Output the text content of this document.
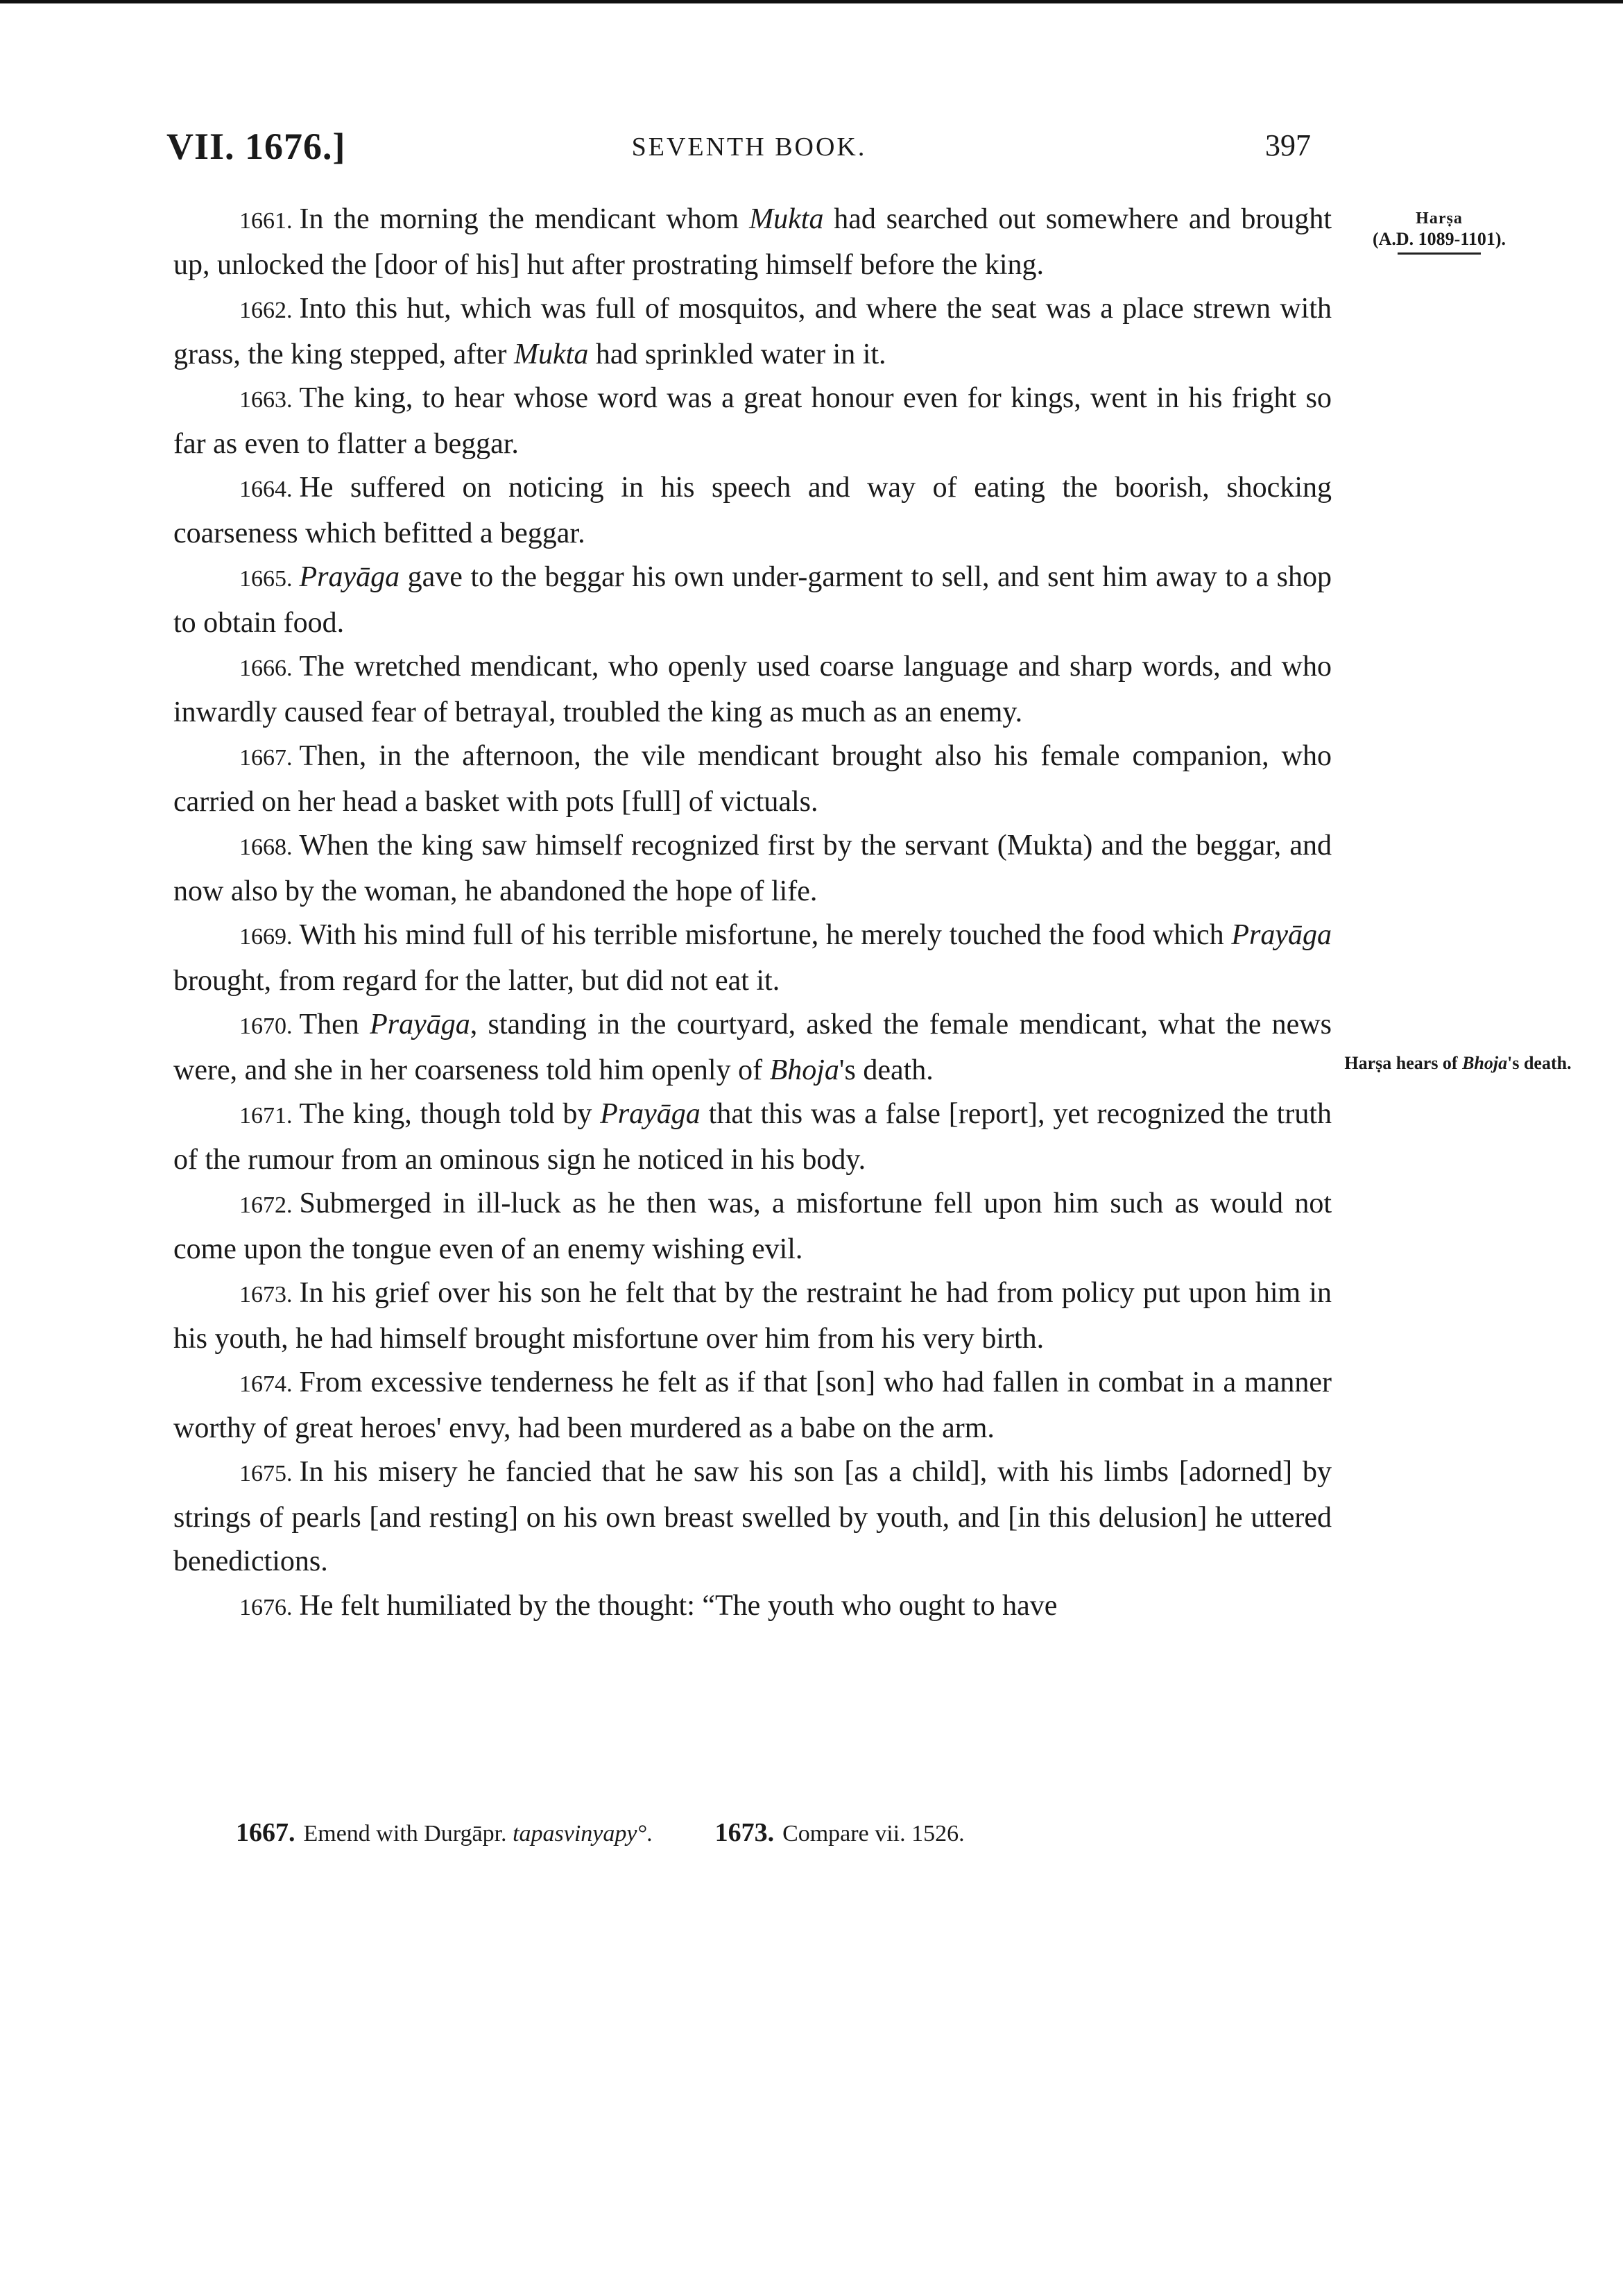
VII. 1676.]	SEVENTH BOOK.	397
Harṣa
(A.D. 1089-1101).
Harṣa hears of Bhoja's death.

1661. In the morning the mendicant whom Mukta had searched out somewhere and brought up, unlocked the [door of his] hut after prostrating himself before the king.

1662. Into this hut, which was full of mosquitos, and where the seat was a place strewn with grass, the king stepped, after Mukta had sprinkled water in it.

1663. The king, to hear whose word was a great honour even for kings, went in his fright so far as even to flatter a beggar.

1664. He suffered on noticing in his speech and way of eating the boorish, shocking coarseness which befitted a beggar.

1665. Prayāga gave to the beggar his own under-garment to sell, and sent him away to a shop to obtain food.

1666. The wretched mendicant, who openly used coarse language and sharp words, and who inwardly caused fear of betrayal, troubled the king as much as an enemy.

1667. Then, in the afternoon, the vile mendicant brought also his female companion, who carried on her head a basket with pots [full] of victuals.

1668. When the king saw himself recognized first by the servant (Mukta) and the beggar, and now also by the woman, he abandoned the hope of life.

1669. With his mind full of his terrible misfortune, he merely touched the food which Prayāga brought, from regard for the latter, but did not eat it.

1670. Then Prayāga, standing in the courtyard, asked the female mendicant, what the news were, and she in her coarseness told him openly of Bhoja's death.

1671. The king, though told by Prayāga that this was a false [report], yet recognized the truth of the rumour from an ominous sign he noticed in his body.

1672. Submerged in ill-luck as he then was, a misfortune fell upon him such as would not come upon the tongue even of an enemy wishing evil.

1673. In his grief over his son he felt that by the restraint he had from policy put upon him in his youth, he had himself brought misfortune over him from his very birth.

1674. From excessive tenderness he felt as if that [son] who had fallen in combat in a manner worthy of great heroes' envy, had been murdered as a babe on the arm.

1675. In his misery he fancied that he saw his son [as a child], with his limbs [adorned] by strings of pearls [and resting] on his own breast swelled by youth, and [in this delusion] he uttered benedictions.

1676. He felt humiliated by the thought: “The youth who ought to have

1667. Emend with Durgāpr. tapasvinyapy°. 1673. Compare vii. 1526.
